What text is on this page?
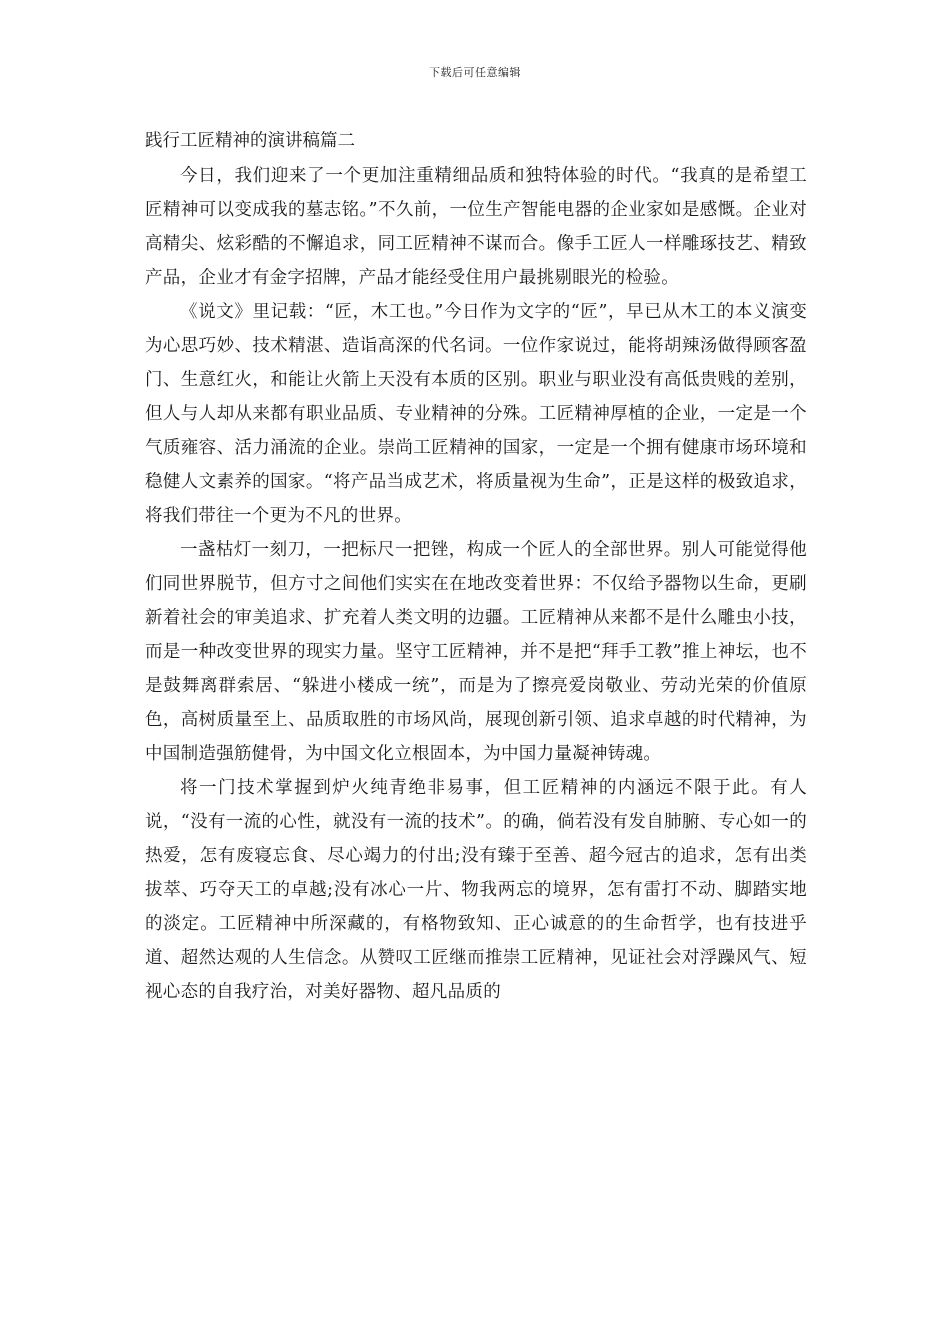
下载后可任意编辑
践行工匠精神的演讲稿篇二

今日，我们迎来了一个更加注重精细品质和独特体验的时代。“我真的是希望工匠精神可以变成我的墓志铭。”不久前，一位生产智能电器的企业家如是感慨。企业对高精尖、炫彩酷的不懈追求，同工匠精神不谋而合。像手工匠人一样雕琢技艺、精致产品，企业才有金字招牌，产品才能经受住用户最挑剔眼光的检验。

《说文》里记载：“匠，木工也。”今日作为文字的“匠”，早已从木工的本义演变为心思巧妙、技术精湛、造诣高深的代名词。一位作家说过，能将胡辣汤做得顾客盈门、生意红火，和能让火箭上天没有本质的区别。职业与职业没有高低贵贱的差别，但人与人却从来都有职业品质、专业精神的分殊。工匠精神厚植的企业，一定是一个气质雍容、活力涌流的企业。崇尚工匠精神的国家，一定是一个拥有健康市场环境和稳健人文素养的国家。“将产品当成艺术，将质量视为生命”，正是这样的极致追求，将我们带往一个更为不凡的世界。

一盏枯灯一刻刀，一把标尺一把锉，构成一个匠人的全部世界。别人可能觉得他们同世界脱节，但方寸之间他们实实在在地改变着世界：不仅给予器物以生命，更刷新着社会的审美追求、扩充着人类文明的边疆。工匠精神从来都不是什么雕虫小技，而是一种改变世界的现实力量。坚守工匠精神，并不是把“拜手工教”推上神坛，也不是鼓舞离群索居、“躲进小楼成一统”，而是为了擦亮爱岗敬业、劳动光荣的价值原色，高树质量至上、品质取胜的市场风尚，展现创新引领、追求卓越的时代精神，为中国制造强筋健骨，为中国文化立根固本，为中国力量凝神铸魂。

将一门技术掌握到炉火纯青绝非易事，但工匠精神的内涵远不限于此。有人说，“没有一流的心性，就没有一流的技术”。的确，倘若没有发自肺腑、专心如一的热爱，怎有废寝忘食、尽心竭力的付出;没有臻于至善、超今冠古的追求，怎有出类拔萃、巧夺天工的卓越;没有冰心一片、物我两忘的境界，怎有雷打不动、脚踏实地的淡定。工匠精神中所深藏的，有格物致知、正心诚意的的生命哲学，也有技进乎道、超然达观的人生信念。从赞叹工匠继而推崇工匠精神，见证社会对浮躁风气、短视心态的自我疗治，对美好器物、超凡品质的
